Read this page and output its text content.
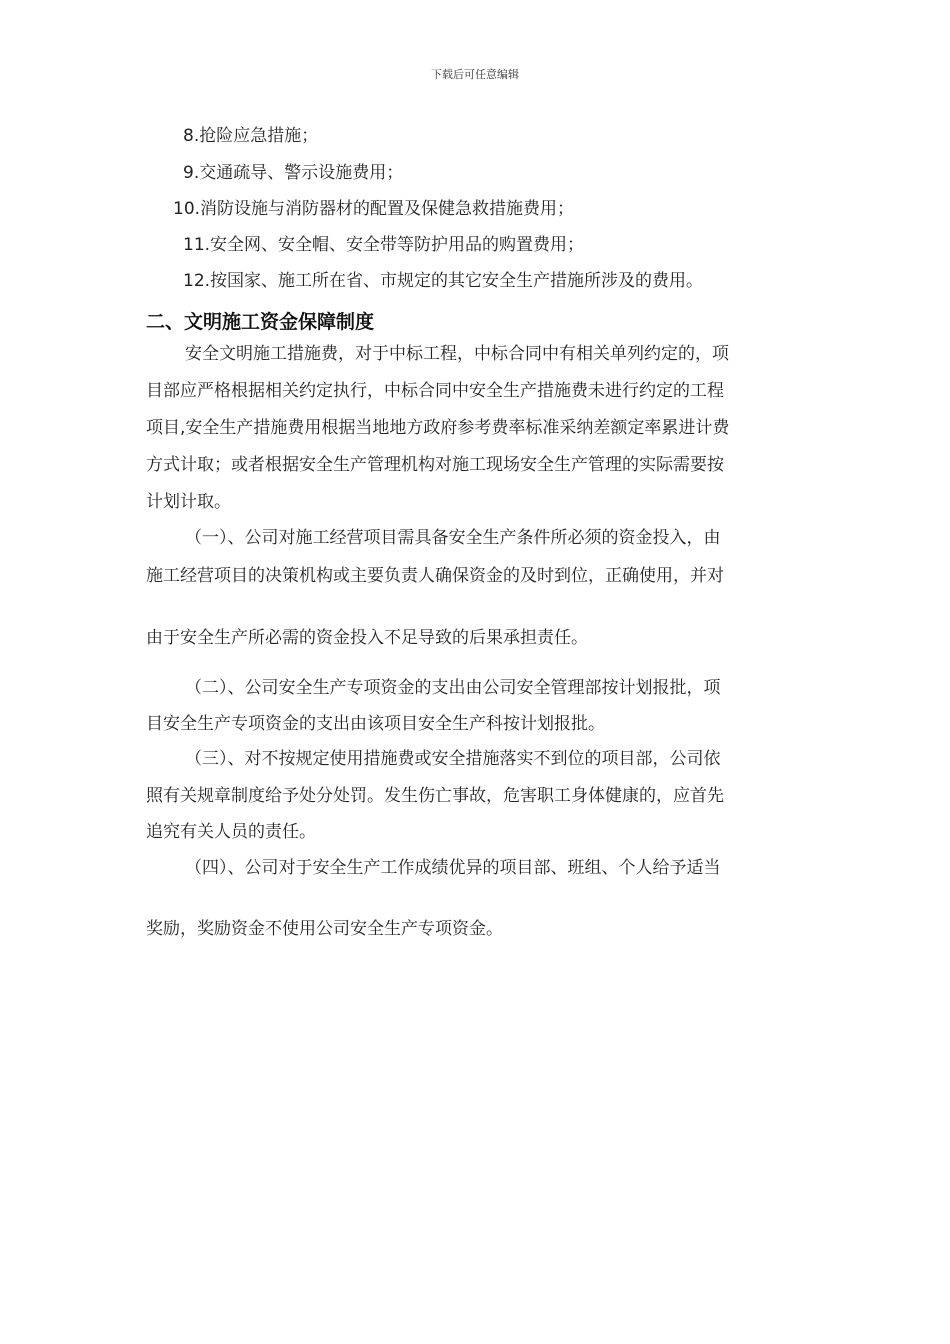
下载后可任意编辑
8.抢险应急措施；
9.交通疏导、警示设施费用；
10.消防设施与消防器材的配置及保健急救措施费用；
11.安全网、安全帽、安全带等防护用品的购置费用；
12.按国家、施工所在省、市规定的其它安全生产措施所涉及的费用。
二、文明施工资金保障制度
安全文明施工措施费，对于中标工程，中标合同中有相关单列约定的，项
目部应严格根据相关约定执行，中标合同中安全生产措施费未进行约定的工程
项目,安全生产措施费用根据当地地方政府参考费率标准采纳差额定率累进计费
方式计取；或者根据安全生产管理机构对施工现场安全生产管理的实际需要按
计划计取。
（一）、公司对施工经营项目需具备安全生产条件所必须的资金投入，由
施工经营项目的决策机构或主要负责人确保资金的及时到位，正确使用，并对
由于安全生产所必需的资金投入不足导致的后果承担责任。
（二）、公司安全生产专项资金的支出由公司安全管理部按计划报批，项
目安全生产专项资金的支出由该项目安全生产科按计划报批。
（三）、对不按规定使用措施费或安全措施落实不到位的项目部，公司依
照有关规章制度给予处分处罚。发生伤亡事故，危害职工身体健康的，应首先
追究有关人员的责任。
（四）、公司对于安全生产工作成绩优异的项目部、班组、个人给予适当
奖励，奖励资金不使用公司安全生产专项资金。
